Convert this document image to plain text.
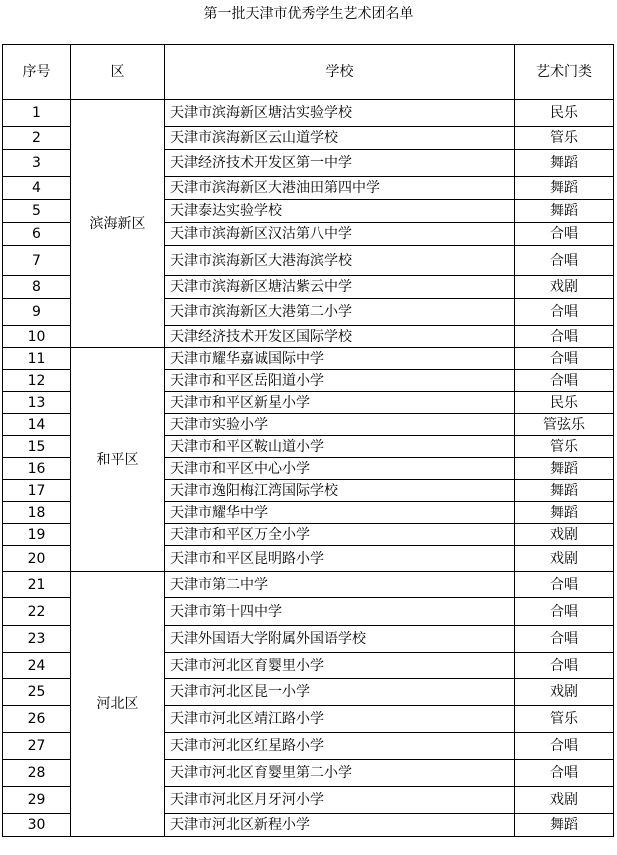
第一批天津市优秀学生艺术团名单
序号	区	学校	艺术门类
1	滨海新区	天津市滨海新区塘沽实验学校	民乐
2		天津市滨海新区云山道学校	管乐
3		天津经济技术开发区第一中学	舞蹈
4		天津市滨海新区大港油田第四中学	舞蹈
5		天津泰达实验学校	舞蹈
6		天津市滨海新区汉沽第八中学	合唱
7		天津市滨海新区大港海滨学校	合唱
8		天津市滨海新区塘沽紫云中学	戏剧
9		天津市滨海新区大港第二小学	合唱
10		天津经济技术开发区国际学校	合唱
11	和平区	天津市耀华嘉诚国际中学	合唱
12		天津市和平区岳阳道小学	合唱
13		天津市和平区新星小学	民乐
14		天津市实验小学	管弦乐
15		天津市和平区鞍山道小学	管乐
16		天津市和平区中心小学	舞蹈
17		天津市逸阳梅江湾国际学校	舞蹈
18		天津市耀华中学	舞蹈
19		天津市和平区万全小学	戏剧
20		天津市和平区昆明路小学	戏剧
21	河北区	天津市第二中学	合唱
22		天津市第十四中学	合唱
23		天津外国语大学附属外国语学校	合唱
24		天津市河北区育婴里小学	合唱
25		天津市河北区昆一小学	戏剧
26		天津市河北区靖江路小学	管乐
27		天津市河北区红星路小学	合唱
28		天津市河北区育婴里第二小学	合唱
29		天津市河北区月牙河小学	戏剧
30		天津市河北区新程小学	舞蹈
